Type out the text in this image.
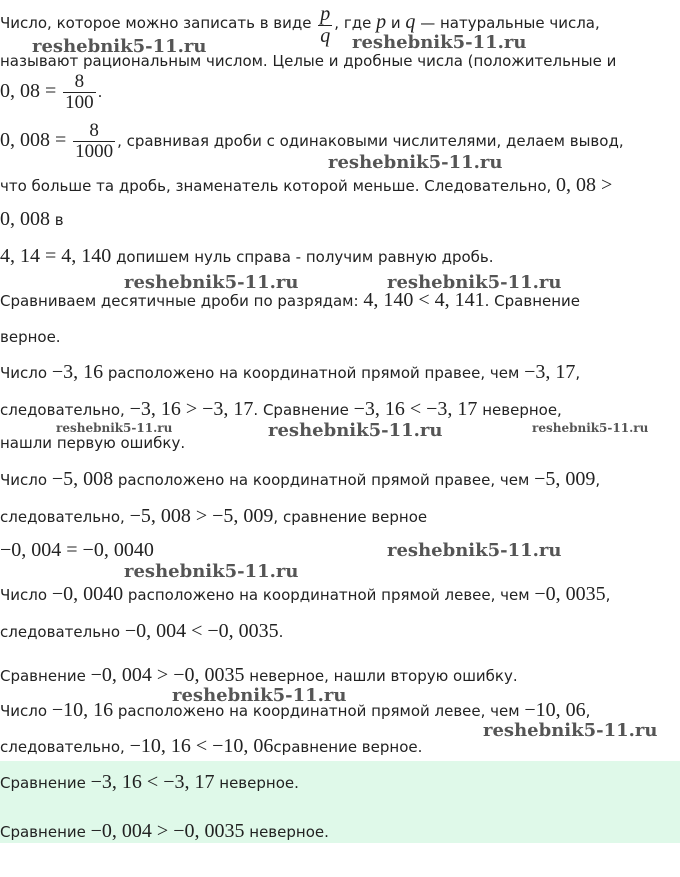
Число, которое можно записать в виде $\frac{p}{q}$ , где p и q — натуральные числа,
называют рациональным числом. Целые и дробные числа (положительные и
0, $08 = \frac{8}{100}$ .
0, $008 = \frac{8}{1000}$ , сравнивая дроби с одинаковыми числителями, делаем вывод,
что больше та дробь, знаменатель которой меньше. Следовательно, 0, 08 >
0, 008 в
4, 14 = 4, 140 допишем нуль справа - получим равную дробь.
Сравниваем десятичные дроби по разрядам: 4, 140 < 4, 141. Сравнение
верное.
Число −3, 16 расположено на координатной прямой правее, чем −3, 17,
следовательно, −3, 16 > −3, 17. Сравнение −3, 16 < −3, 17 неверное,
нашли первую ошибку.
Число −5, 008 расположено на координатной прямой правее, чем −5, 009,
следовательно, −5, 008 > −5, 009, сравнение верное
−0, 004 = −0, 0040
Число −0, 0040 расположено на координатной прямой левее, чем −0, 0035,
следовательно −0, 004 < −0, 0035.
Сравнение −0, 004 > −0, 0035 неверное, нашли вторую ошибку.
Число −10, 16 расположено на координатной прямой левее, чем −10, 06,
следовательно, −10, 16 < −10, 06сравнение верное.
Сравнение −3, 16 < −3, 17 неверное.
Сравнение −0, 004 > −0, 0035 неверное.
reshebnik5-11.ru	reshebnik5-11.ru
reshebnik5-11.ru
reshebnik5-11.ru	reshebnik5-11.ru
reshebnik5-11.ru	reshebnik5-11.ru	reshebnik5-11.ru
reshebnik5-11.ru
reshebnik5-11.ru
reshebnik5-11.ru
reshebnik5-11.ru
